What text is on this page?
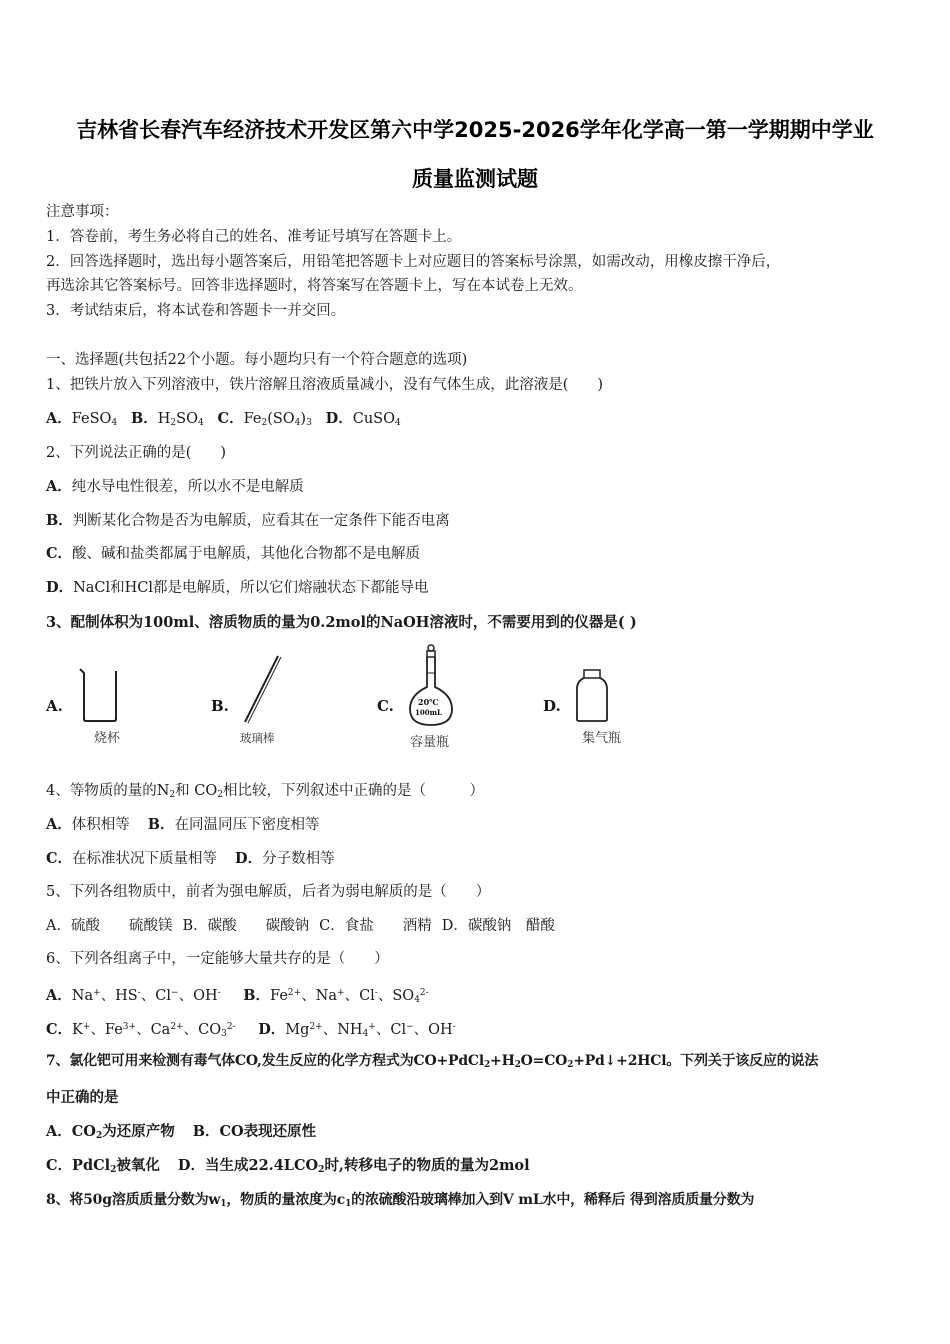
吉林省长春汽车经济技术开发区第六中学2025-2026学年化学高一第一学期期中学业
质量监测试题
注意事项：
1．答卷前，考生务必将自己的姓名、准考证号填写在答题卡上。
2．回答选择题时，选出每小题答案后，用铅笔把答题卡上对应题目的答案标号涂黑，如需改动，用橡皮擦干净后，
再选涂其它答案标号。回答非选择题时，将答案写在答题卡上，写在本试卷上无效。
3．考试结束后，将本试卷和答题卡一并交回。
一、选择题(共包括22个小题。每小题均只有一个符合题意的选项)
1、把铁片放入下列溶液中，铁片溶解且溶液质量减小，没有气体生成，此溶液是(　　)
A．FeSO$_4$ B．$H_2SO_4$ C．$Fe_2(SO_4)_3$ D．CuSO$_4$
2、下列说法正确的是(　　)
A．纯水导电性很差，所以水不是电解质
B．判断某化合物是否为电解质，应看其在一定条件下能否电离
C．酸、碱和盐类都属于电解质，其他化合物都不是电解质
D．NaCl和HCl都是电解质，所以它们熔融状态下都能导电
3、配制体积为100ml、溶质物质的量为0.2mol的NaOH溶液时，不需要用到的仪器是( )
A.
烧杯
B.
玻璃棒
C.	20℃
100mL
容量瓶
D.
集气瓶
4、等物质的量的$N_2$和 $CO_2$相比较，下列叙述中正确的是（　　　）
A．体积相等 B．在同温同压下密度相等
C．在标准状况下质量相等 D．分子数相等
5、下列各组物质中，前者为强电解质，后者为弱电解质的是（　　）
A．硫酸　　硫酸镁 B．碳酸　　碳酸钠 C．食盐　　酒精 D．碳酸钠　醋酸
6、下列各组离子中，一定能够大量共存的是（　　）
A．Na+、HS-、Cl−、OH- B．$Fe^{2+}$、Na+、Cl-、$SO_4^{2-}$
C．K+、$Fe^{3+}$、$Ca^{2+}$、$CO_3^{2-}$ D．$Mg^{2+}$、$NH_4^+$、Cl−、OH-
7、氯化钯可用来检测有毒气体CO,发生反应的化学方程式为$CO+PdCl_2+H_2O=CO_2+Pd↓+2HCl$。下列关于该反应的说法
中正确的是
A．$CO_2$为还原产物 B．CO表现还原性
C．PdCl$_2$被氧化 D．当生成$22.4LCO_2$时,转移电子的物质的量为2mol
8、将50g溶质质量分数为$w_1$，物质的量浓度为$c_1$的浓硫酸沿玻璃棒加入到V mL水中，稀释后 得到溶质质量分数为
